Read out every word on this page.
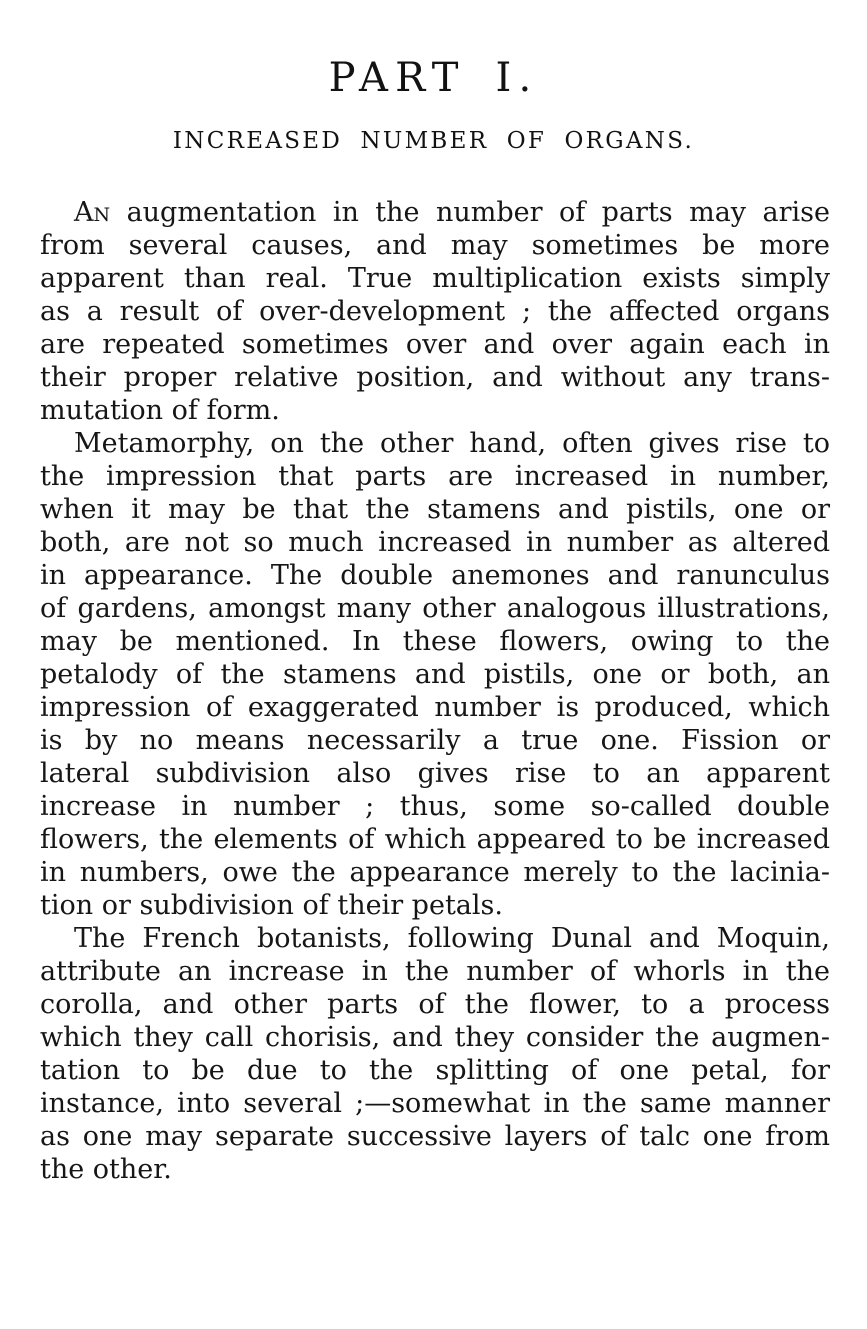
PART I.
INCREASED NUMBER OF ORGANS.
An augmentation in the number of parts may arise
from several causes, and may sometimes be more
apparent than real. True multiplication exists simply
as a result of over-development ; the affected organs
are repeated sometimes over and over again each in
their proper relative position, and without any trans-
mutation of form.
Metamorphy, on the other hand, often gives rise to
the impression that parts are increased in number,
when it may be that the stamens and pistils, one or
both, are not so much increased in number as altered
in appearance. The double anemones and ranunculus
of gardens, amongst many other analogous illustrations,
may be mentioned. In these flowers, owing to the
petalody of the stamens and pistils, one or both, an
impression of exaggerated number is produced, which
is by no means necessarily a true one. Fission or
lateral subdivision also gives rise to an apparent
increase in number ; thus, some so-called double
flowers, the elements of which appeared to be increased
in numbers, owe the appearance merely to the lacinia-
tion or subdivision of their petals.
The French botanists, following Dunal and Moquin,
attribute an increase in the number of whorls in the
corolla, and other parts of the flower, to a process
which they call chorisis, and they consider the augmen-
tation to be due to the splitting of one petal, for
instance, into several ;—somewhat in the same manner
as one may separate successive layers of talc one from
the other.
